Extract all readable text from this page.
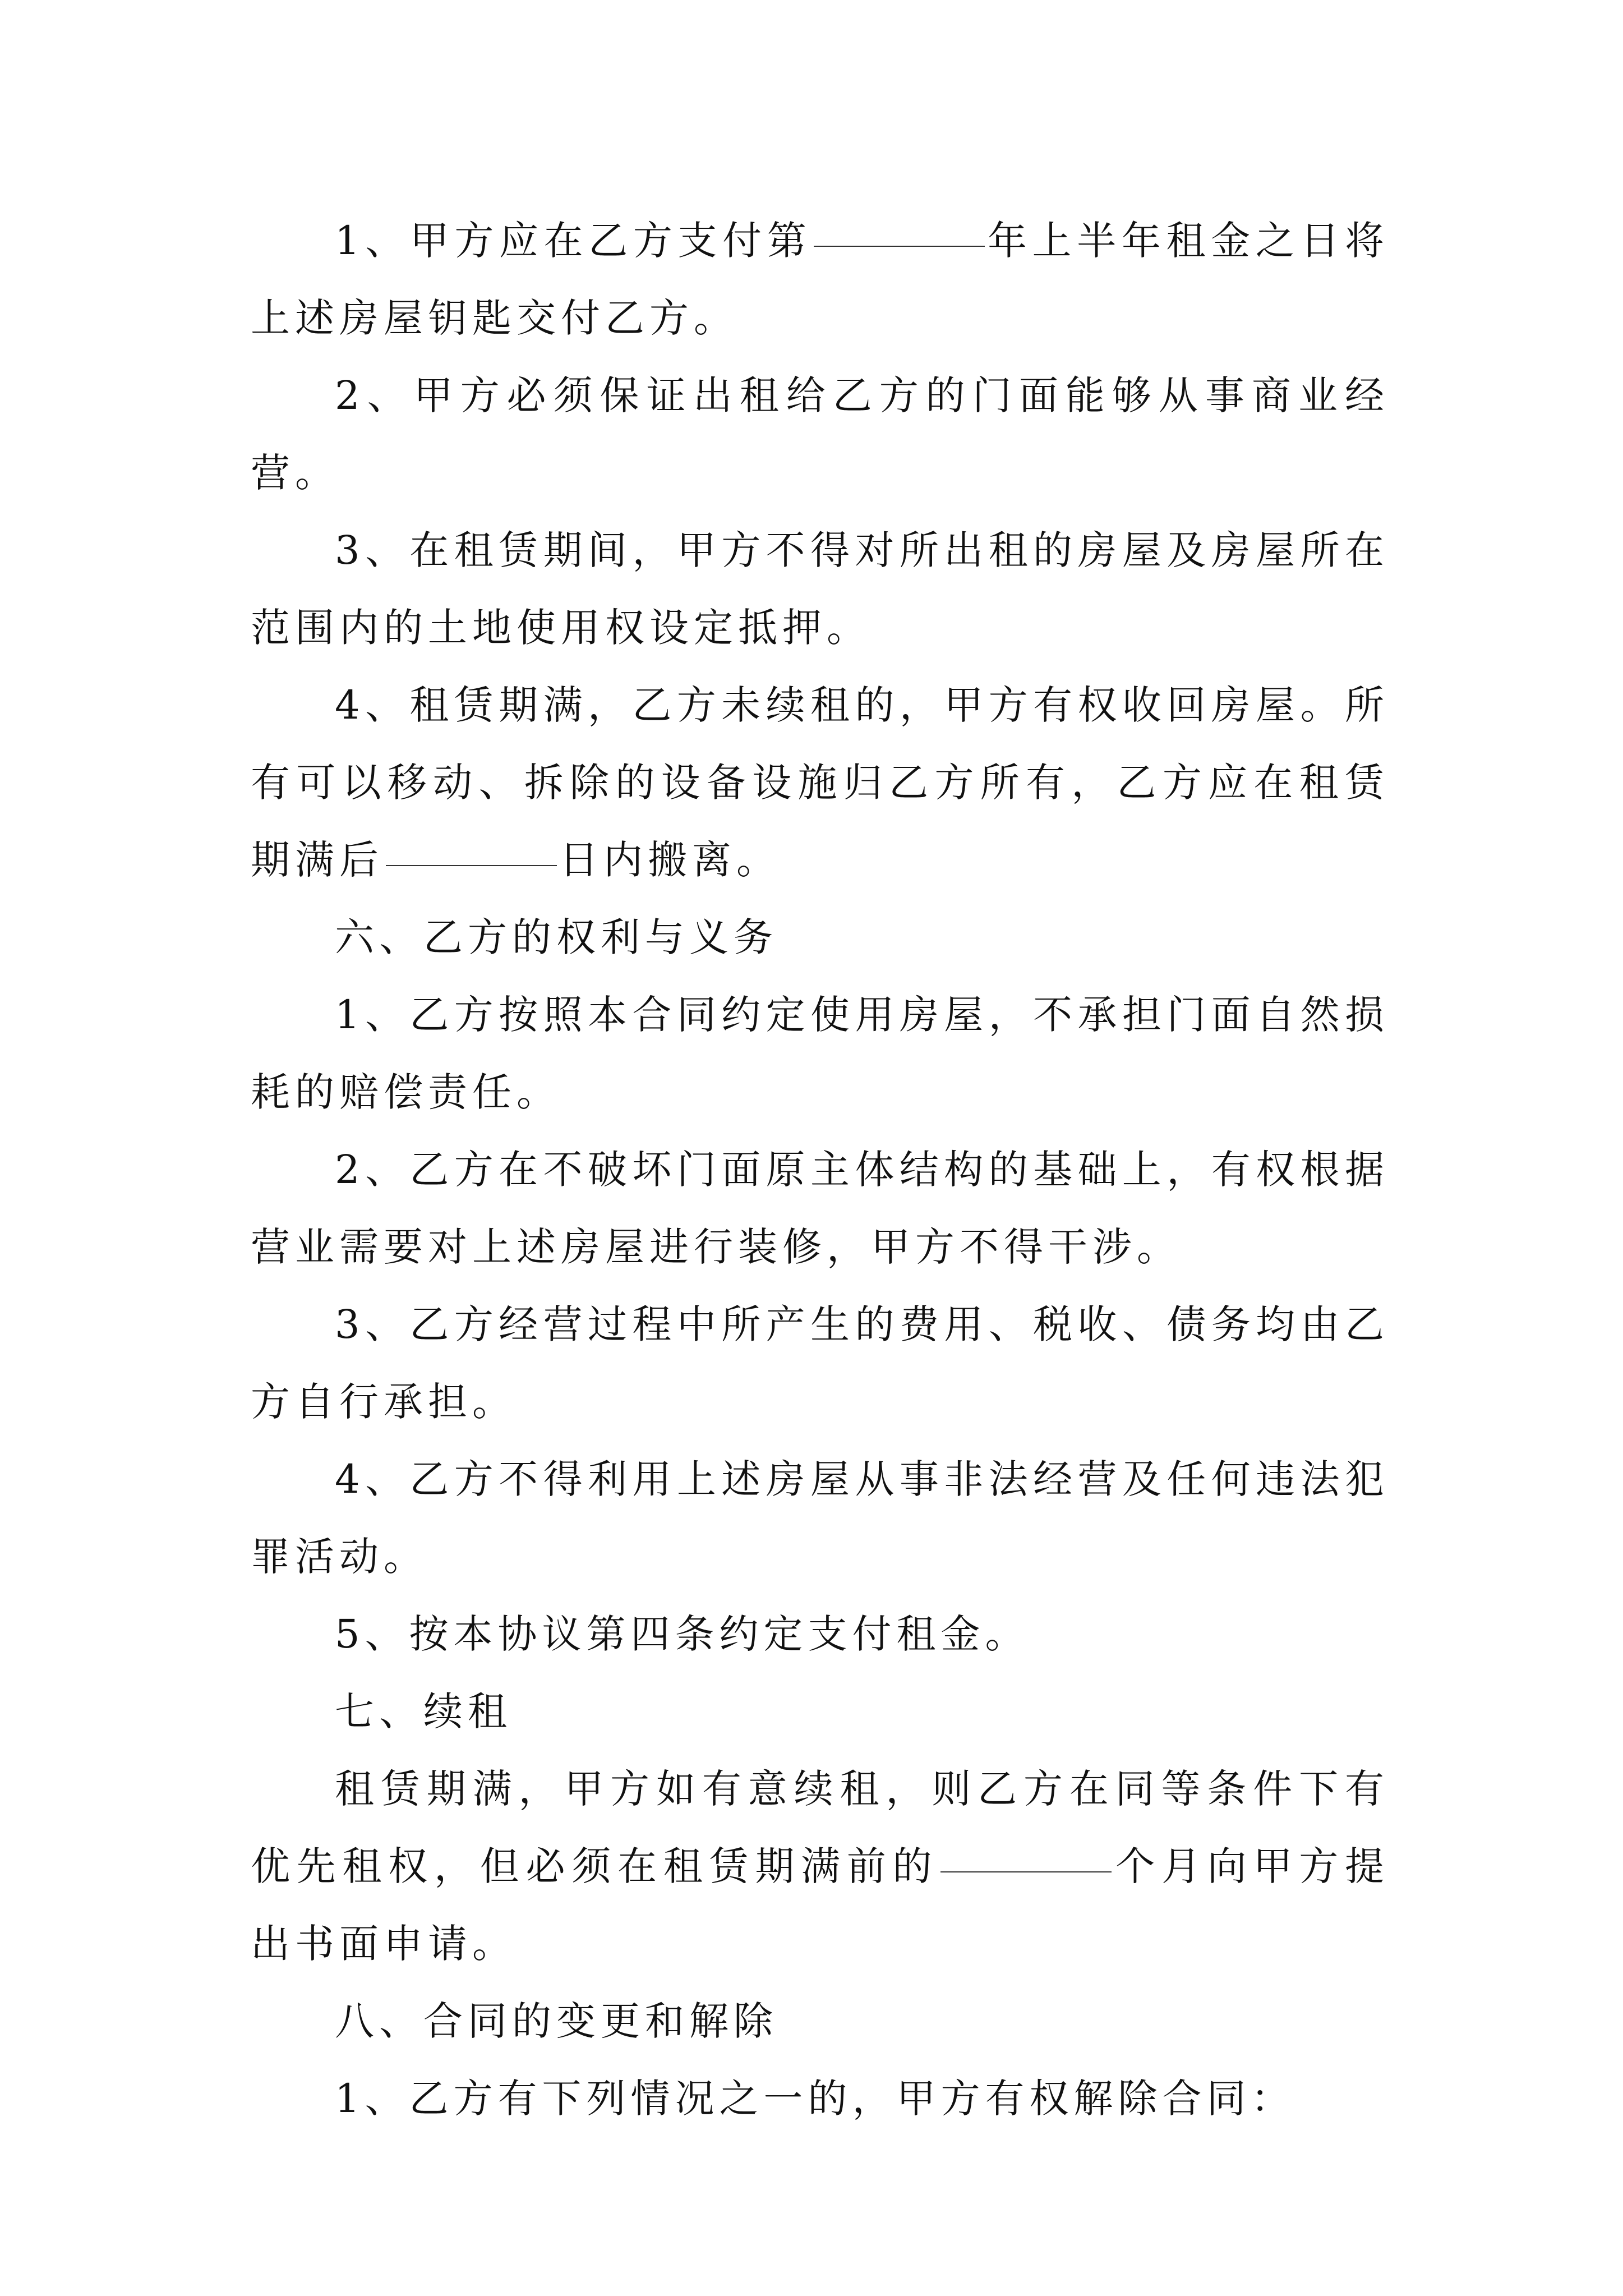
1、甲方应在乙方支付第	年上半年租金之日将上述房屋钥匙交付乙方。

2、甲方必须保证出租给乙方的门面能够从事商业经营。

3、在租赁期间，甲方不得对所出租的房屋及房屋所在范围内的土地使用权设定抵押。

4、租赁期满，乙方未续租的，甲方有权收回房屋。所有可以移动、拆除的设备设施归乙方所有，乙方应在租赁期满后	日内搬离。

六、乙方的权利与义务

1、乙方按照本合同约定使用房屋，不承担门面自然损耗的赔偿责任。

2、乙方在不破坏门面原主体结构的基础上，有权根据营业需要对上述房屋进行装修，甲方不得干涉。

3、乙方经营过程中所产生的费用、税收、债务均由乙方自行承担。

4、乙方不得利用上述房屋从事非法经营及任何违法犯罪活动。

5、按本协议第四条约定支付租金。

七、续租

租赁期满，甲方如有意续租，则乙方在同等条件下有优先租权，但必须在租赁期满前的	个月向甲方提出书面申请。

八、合同的变更和解除

1、乙方有下列情况之一的，甲方有权解除合同：
